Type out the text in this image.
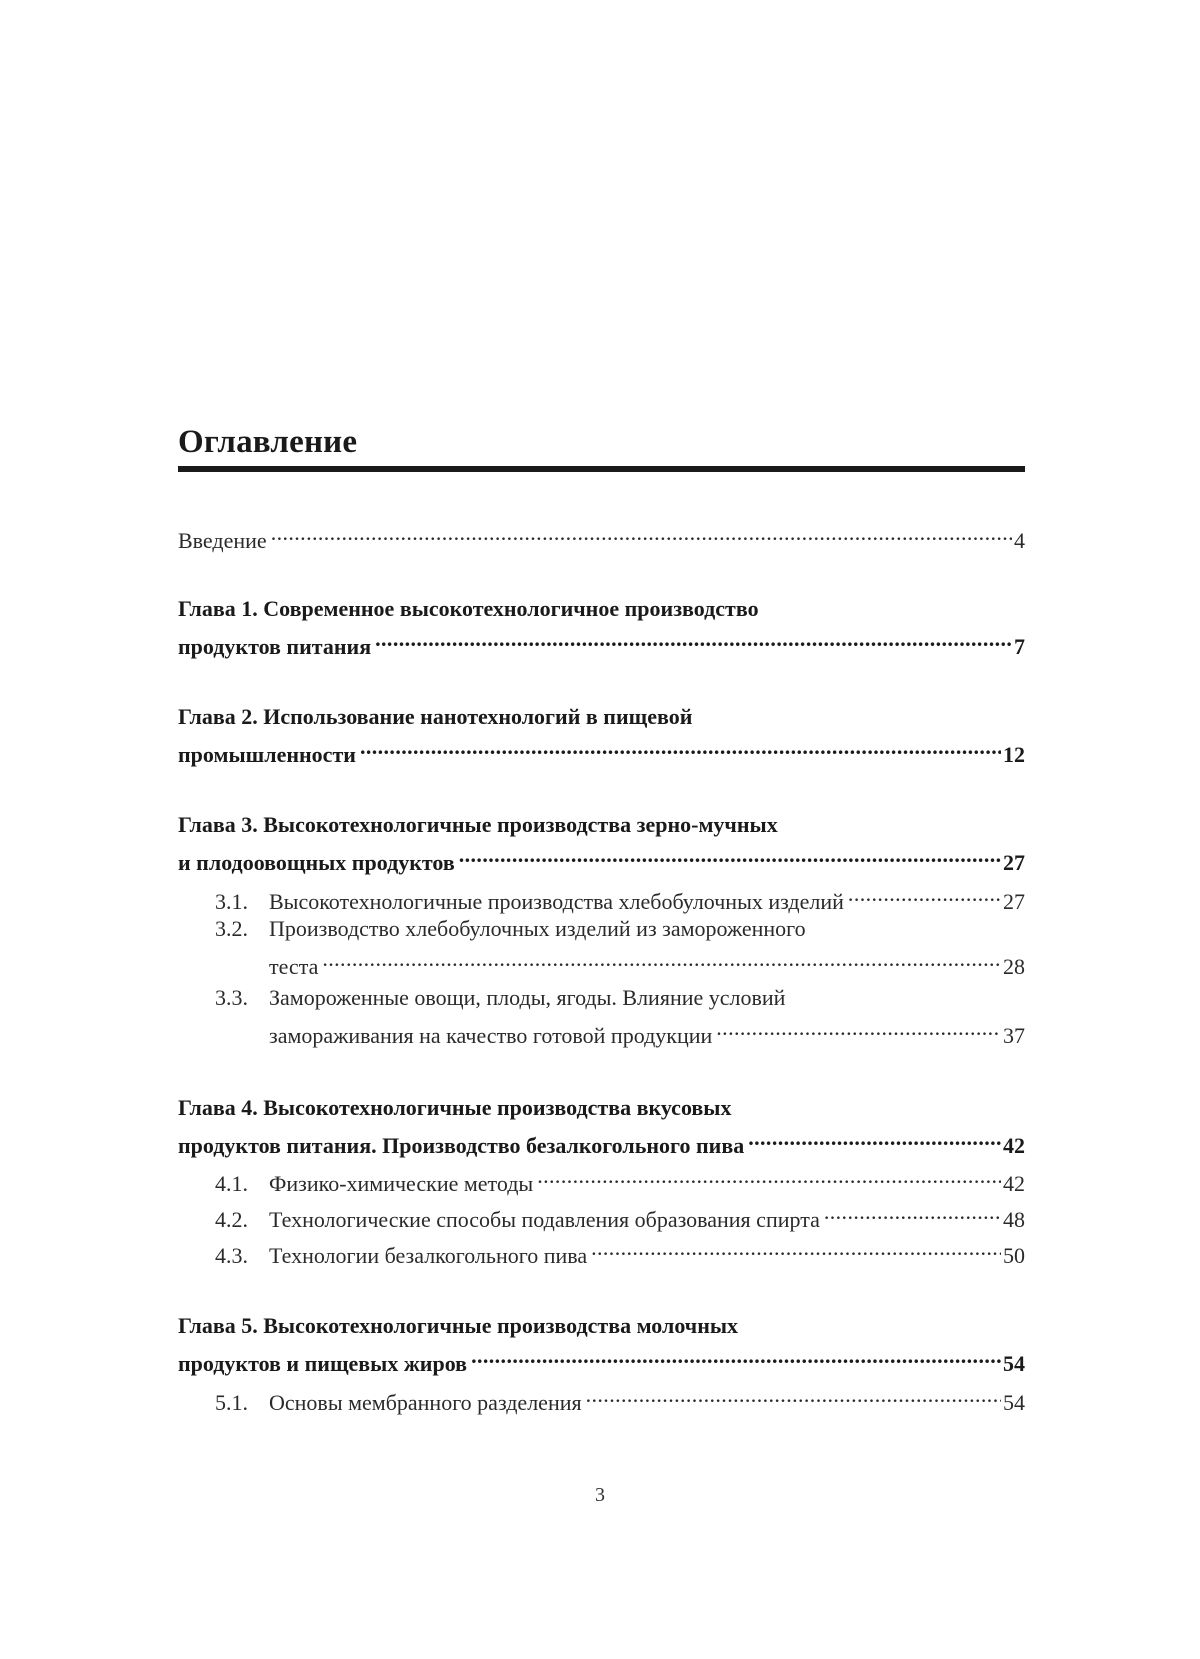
Оглавление
Введение
.....	4
Глава 1. Современное высокотехнологичное производство
продуктов питания
.....	7
Глава 2. Использование нанотехнологий в пищевой
промышленности
.....	12
Глава 3. Высокотехнологичные производства зерно-мучных
и плодоовощных продуктов
.....	27
3.1. Высокотехнологичные производства хлебобулочных изделий
.....	27
3.2. Производство хлебобулочных изделий из замороженного
теста
.....	28
3.3. Замороженные овощи, плоды, ягоды. Влияние условий
замораживания на качество готовой продукции
.....	37
Глава 4. Высокотехнологичные производства вкусовых
продуктов питания. Производство безалкогольного пива
.....	42
4.1. Физико-химические методы
.....	42
4.2. Технологические способы подавления образования спирта
.....	48
4.3. Технологии безалкогольного пива
.....	50
Глава 5. Высокотехнологичные производства молочных
продуктов и пищевых жиров
.....	54
5.1. Основы мембранного разделения
.....	54
3
